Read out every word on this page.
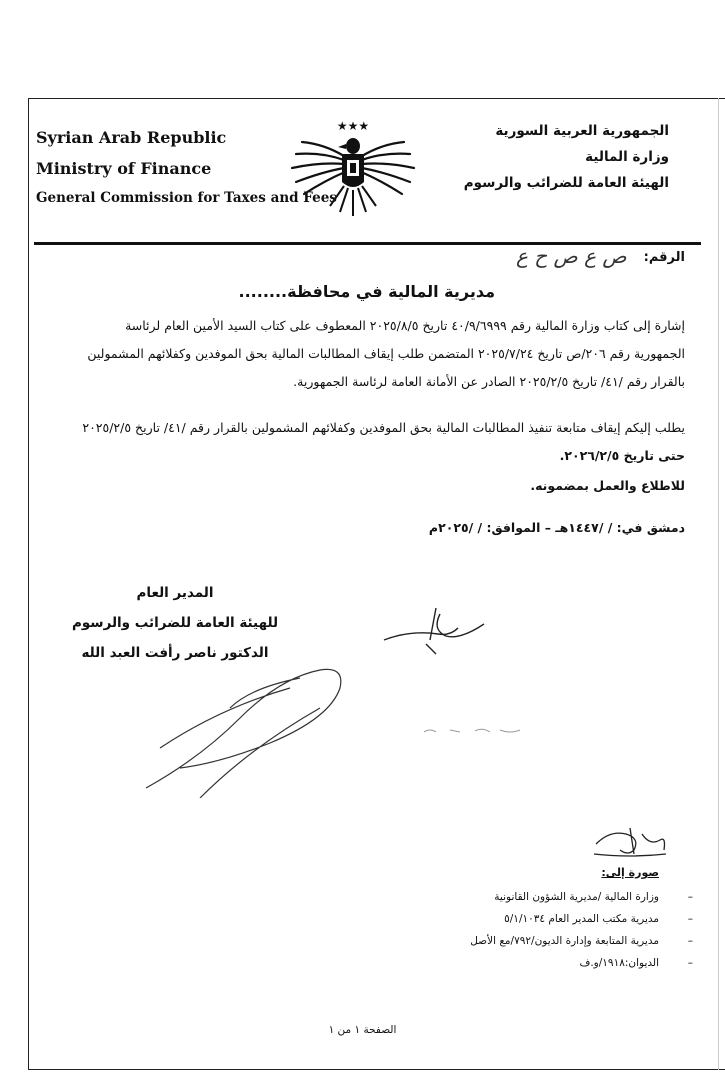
Syrian Arab Republic
Ministry of Finance
General Commission for Taxes and Fees
★★★	الجمهورية العربية السورية
وزارة المالية
الهيئة العامة للضرائب والرسوم
الرقم:
ص ع ص ح ع
مديرية المالية في محافظة........

إشارة إلى كتاب وزارة المالية رقم ٤٠/٩/٦٩٩٩ تاريخ ٢٠٢٥/٨/٥ المعطوف على كتاب السيد الأمين العام لرئاسة

الجمهورية رقم ٢٠٦/ص تاريخ ٢٠٢٥/٧/٢٤ المتضمن طلب إيقاف المطالبات المالية بحق الموفدين وكفلائهم المشمولين

بالقرار رقم /٤١/ تاريخ ٢٠٢٥/٢/٥ الصادر عن الأمانة العامة لرئاسة الجمهورية.

يطلب إليكم إيقاف متابعة تنفيذ المطالبات المالية بحق الموفدين وكفلائهم المشمولين بالقرار رقم /٤١/ تاريخ ٢٠٢٥/٢/٥

حتى تاريخ ٢٠٢٦/٢/٥.

للاطلاع والعمل بمضمونه.
دمشق في: / /١٤٤٧هـ – الموافق: / /٢٠٢٥م
المدير العام
للهيئة العامة للضرائب والرسوم
الدكتور ناصر رأفت العبد الله
صورة إلى:
–
وزارة المالية /مديرية الشؤون القانونية
–
مديرية مكتب المدير العام ٥/١/١٠٣٤
–
مديرية المتابعة وإدارة الديون/٧٩٢/مع الأصل
–
الديوان:١٩١٨/و.ف
الصفحة ١ من ١
